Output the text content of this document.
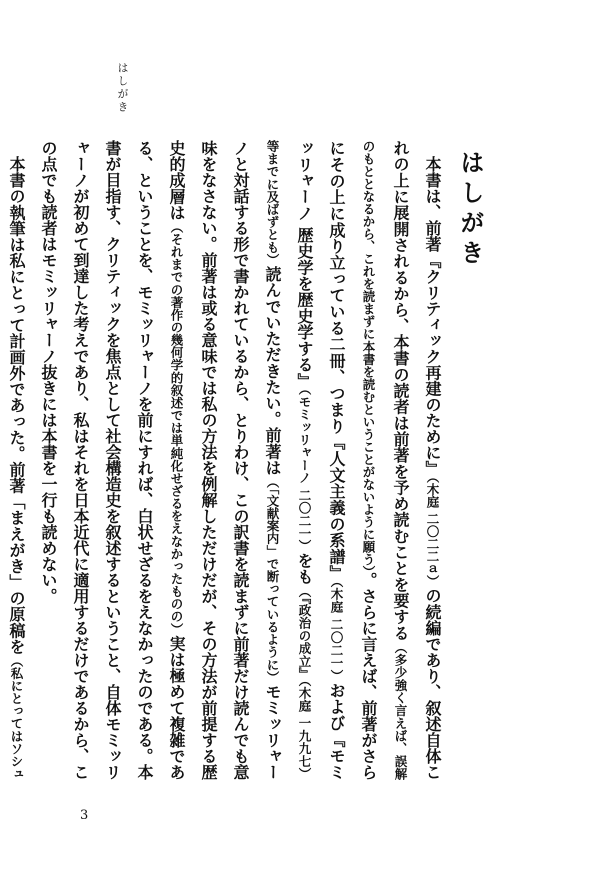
はしがき
はしがき

本書は、前著『クリティック再建のために』（木庭 二〇二二ａ）の続編であり、叙述自体これの上に展開されるから、本書の読者は前著を予め読むことを要する（多少強く言えば、誤解のもととなるから、これを読まずに本書を読むということがないように願う）。さらに言えば、前著がさらにその上に成り立っている二冊、つまり『人文主義の系譜』（木庭 二〇二一）および『モミッリャーノ 歴史学を歴史学する』（モミッリャーノ 二〇二一）をも（『政治の成立』（木庭 一九九七）等までに及ばずとも）読んでいただきたい。前著は（「文献案内」で断っているように）モミッリャーノと対話する形で書かれているから、とりわけ、この訳書を読まずに前著だけ読んでも意味をなさない。前著は或る意味では私の方法を例解しただけだが、その方法が前提する歴史的成層は（それまでの著作の幾何学的叙述では単純化せざるをえなかったものの）実は極めて複雑である、ということを、モミッリャーノを前にすれば、白状せざるをえなかったのである。本書が目指す、クリティックを焦点として社会構造史を叙述するということ、自体モミッリャーノが初めて到達した考えであり、私はそれを日本近代に適用するだけであるから、この点でも読者はモミッリャーノ抜きには本書を一行も読めない。

本書の執筆は私にとって計画外であった。前著「まえがき」の原稿を（私にとってはソシュ

3
